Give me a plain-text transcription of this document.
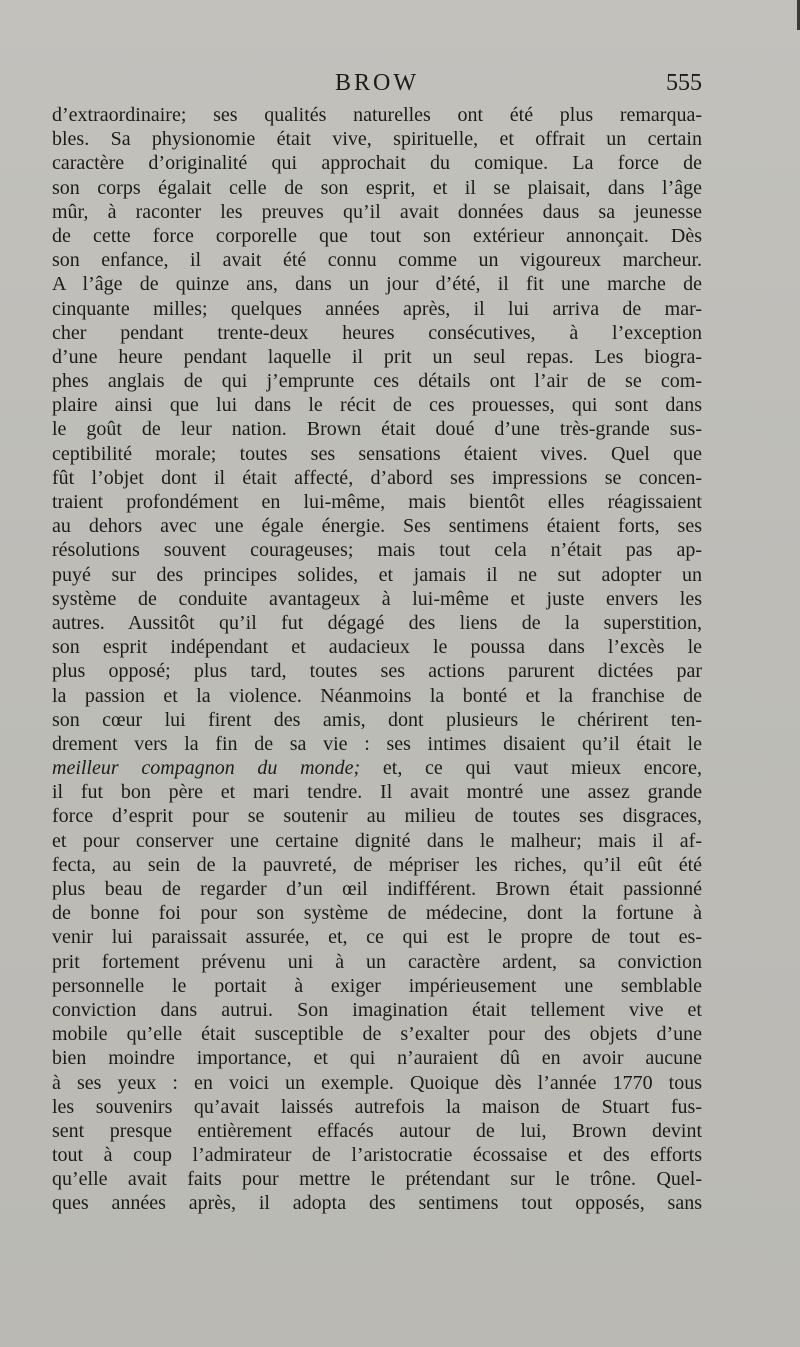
BROW	555
d’extraordinaire; ses qualités naturelles ont été plus remarqua-
bles. Sa physionomie était vive, spirituelle, et offrait un certain
caractère d’originalité qui approchait du comique. La force de
son corps égalait celle de son esprit, et il se plaisait, dans l’âge
mûr, à raconter les preuves qu’il avait données daus sa jeunesse
de cette force corporelle que tout son extérieur annonçait. Dès
son enfance, il avait été connu comme un vigoureux marcheur.
A l’âge de quinze ans, dans un jour d’été, il fit une marche de
cinquante milles; quelques années après, il lui arriva de mar-
cher pendant trente-deux heures consécutives, à l’exception
d’une heure pendant laquelle il prit un seul repas. Les biogra-
phes anglais de qui j’emprunte ces détails ont l’air de se com-
plaire ainsi que lui dans le récit de ces prouesses, qui sont dans
le goût de leur nation. Brown était doué d’une très-grande sus-
ceptibilité morale; toutes ses sensations étaient vives. Quel que
fût l’objet dont il était affecté, d’abord ses impressions se concen-
traient profondément en lui-même, mais bientôt elles réagissaient
au dehors avec une égale énergie. Ses sentimens étaient forts, ses
résolutions souvent courageuses; mais tout cela n’était pas ap-
puyé sur des principes solides, et jamais il ne sut adopter un
système de conduite avantageux à lui-même et juste envers les
autres. Aussitôt qu’il fut dégagé des liens de la superstition,
son esprit indépendant et audacieux le poussa dans l’excès le
plus opposé; plus tard, toutes ses actions parurent dictées par
la passion et la violence. Néanmoins la bonté et la franchise de
son cœur lui firent des amis, dont plusieurs le chérirent ten-
drement vers la fin de sa vie : ses intimes disaient qu’il était le
meilleur compagnon du monde; et, ce qui vaut mieux encore,
il fut bon père et mari tendre. Il avait montré une assez grande
force d’esprit pour se soutenir au milieu de toutes ses disgraces,
et pour conserver une certaine dignité dans le malheur; mais il af-
fecta, au sein de la pauvreté, de mépriser les riches, qu’il eût été
plus beau de regarder d’un œil indifférent. Brown était passionné
de bonne foi pour son système de médecine, dont la fortune à
venir lui paraissait assurée, et, ce qui est le propre de tout es-
prit fortement prévenu uni à un caractère ardent, sa conviction
personnelle le portait à exiger impérieusement une semblable
conviction dans autrui. Son imagination était tellement vive et
mobile qu’elle était susceptible de s’exalter pour des objets d’une
bien moindre importance, et qui n’auraient dû en avoir aucune
à ses yeux : en voici un exemple. Quoique dès l’année 1770 tous
les souvenirs qu’avait laissés autrefois la maison de Stuart fus-
sent presque entièrement effacés autour de lui, Brown devint
tout à coup l’admirateur de l’aristocratie écossaise et des efforts
qu’elle avait faits pour mettre le prétendant sur le trône. Quel-
ques années après, il adopta des sentimens tout opposés, sans
